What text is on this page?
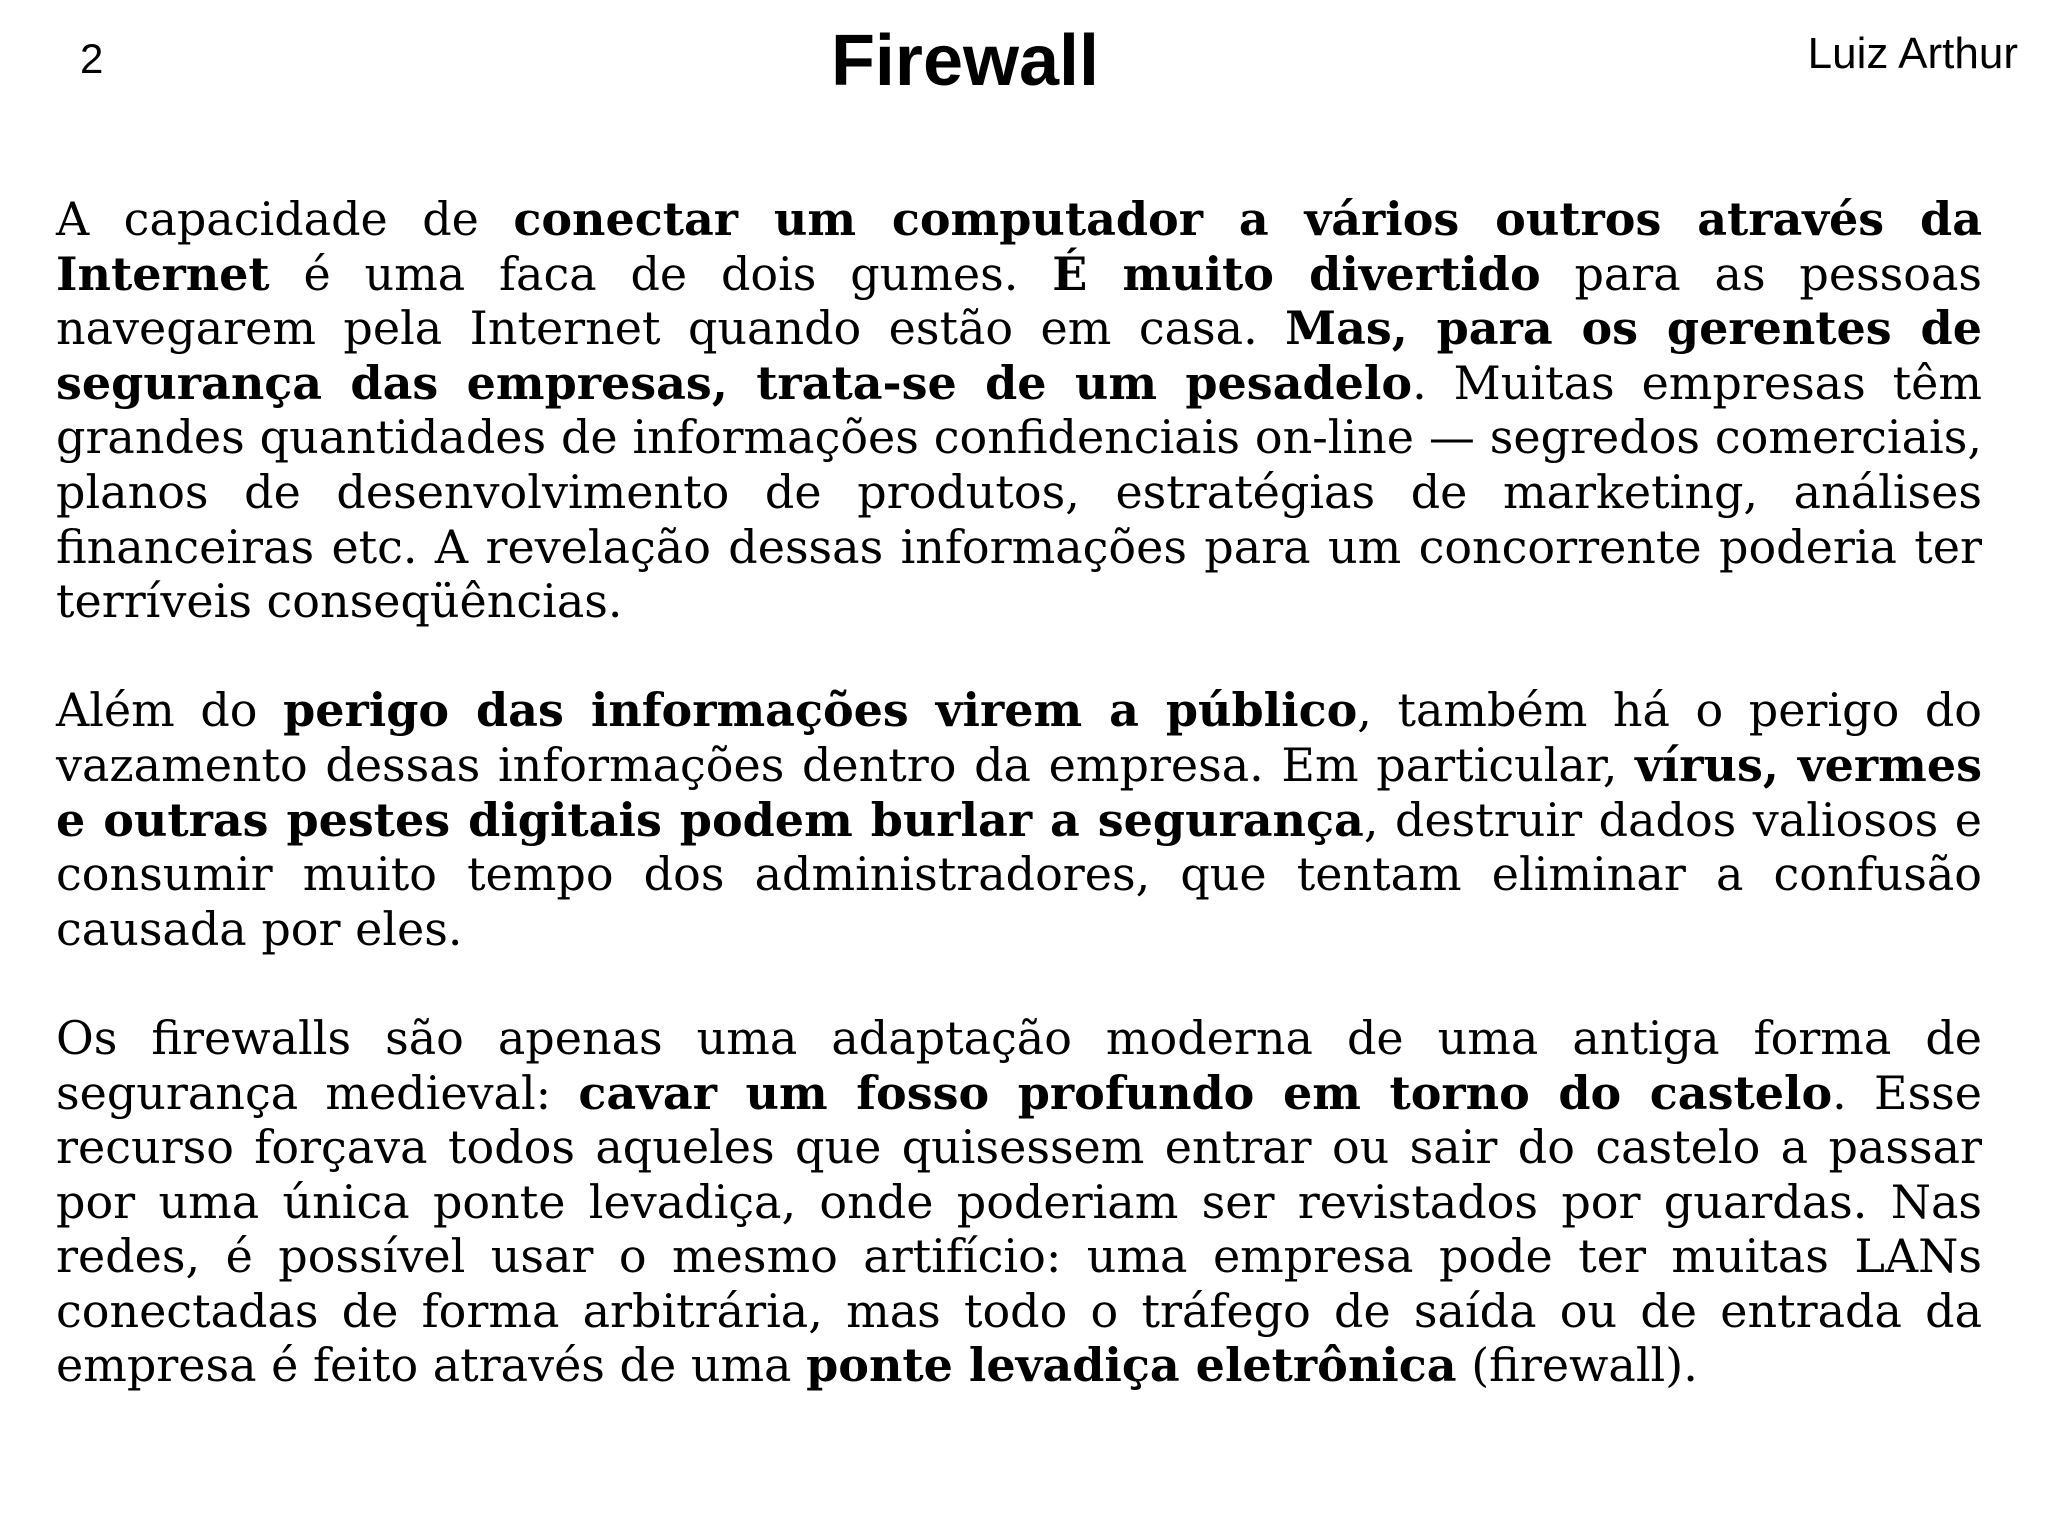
2	Firewall	Luiz Arthur

A capacidade de conectar um computador a vários outros através da Internet é uma faca de dois gumes. É muito divertido para as pessoas navegarem pela Internet quando estão em casa. Mas, para os gerentes de segurança das empresas, trata-se de um pesadelo. Muitas empresas têm grandes quantidades de informações confidenciais on-line — segredos comerciais, planos de desenvolvimento de produtos, estratégias de marketing, análises financeiras etc. A revelação dessas informações para um concorrente poderia ter terríveis conseqüências.

Além do perigo das informações virem a público, também há o perigo do vazamento dessas informações dentro da empresa. Em particular, vírus, vermes e outras pestes digitais podem burlar a segurança, destruir dados valiosos e consumir muito tempo dos administradores, que tentam eliminar a confusão causada por eles.

Os firewalls são apenas uma adaptação moderna de uma antiga forma de segurança medieval: cavar um fosso profundo em torno do castelo. Esse recurso forçava todos aqueles que quisessem entrar ou sair do castelo a passar por uma única ponte levadiça, onde poderiam ser revistados por guardas. Nas redes, é possível usar o mesmo artifício: uma empresa pode ter muitas LANs conectadas de forma arbitrária, mas todo o tráfego de saída ou de entrada da empresa é feito através de uma ponte levadiça eletrônica (firewall).
